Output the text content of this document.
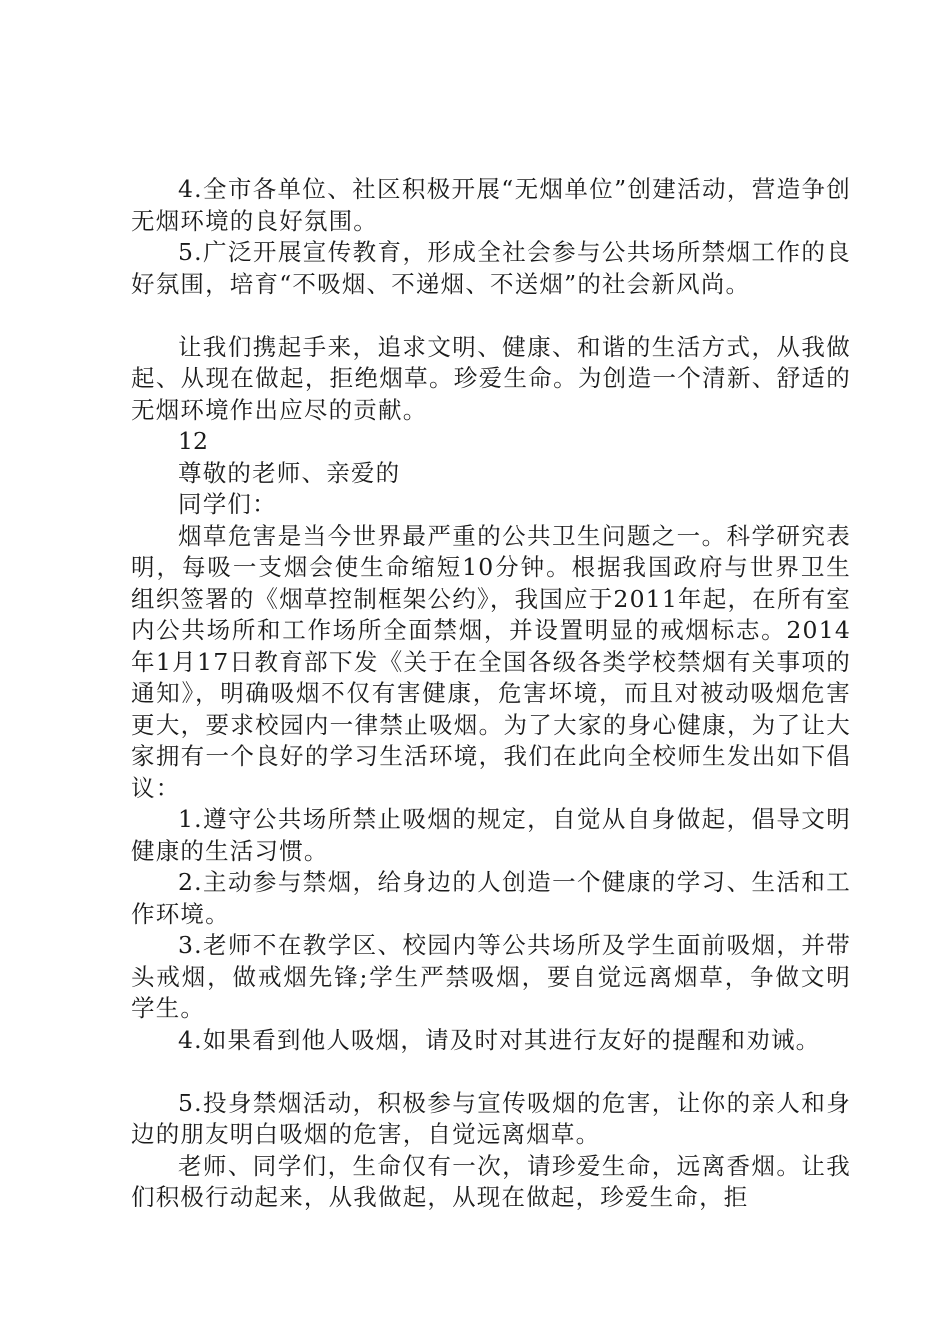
4.全市各单位、社区积极开展“无烟单位”创建活动，营造争创无烟环境的良好氛围。

5.广泛开展宣传教育，形成全社会参与公共场所禁烟工作的良好氛围，培育“不吸烟、不递烟、不送烟”的社会新风尚。

让我们携起手来，追求文明、健康、和谐的生活方式，从我做起、从现在做起，拒绝烟草。珍爱生命。为创造一个清新、舒适的无烟环境作出应尽的贡献。

12

尊敬的老师、亲爱的

同学们：

烟草危害是当今世界最严重的公共卫生问题之一。科学研究表明，每吸一支烟会使生命缩短10分钟。根据我国政府与世界卫生组织签署的《烟草控制框架公约》，我国应于2011年起，在所有室内公共场所和工作场所全面禁烟，并设置明显的戒烟标志。2014年1月17日教育部下发《关于在全国各级各类学校禁烟有关事项的通知》，明确吸烟不仅有害健康，危害坏境，而且对被动吸烟危害更大，要求校园内一律禁止吸烟。为了大家的身心健康，为了让大家拥有一个良好的学习生活环境，我们在此向全校师生发出如下倡议：

1.遵守公共场所禁止吸烟的规定，自觉从自身做起，倡导文明健康的生活习惯。

2.主动参与禁烟，给身边的人创造一个健康的学习、生活和工作环境。

3.老师不在教学区、校园内等公共场所及学生面前吸烟，并带头戒烟，做戒烟先锋;学生严禁吸烟，要自觉远离烟草，争做文明学生。

4.如果看到他人吸烟，请及时对其进行友好的提醒和劝诫。

5.投身禁烟活动，积极参与宣传吸烟的危害，让你的亲人和身边的朋友明白吸烟的危害，自觉远离烟草。

老师、同学们，生命仅有一次，请珍爱生命，远离香烟。让我们积极行动起来，从我做起，从现在做起，珍爱生命，拒
